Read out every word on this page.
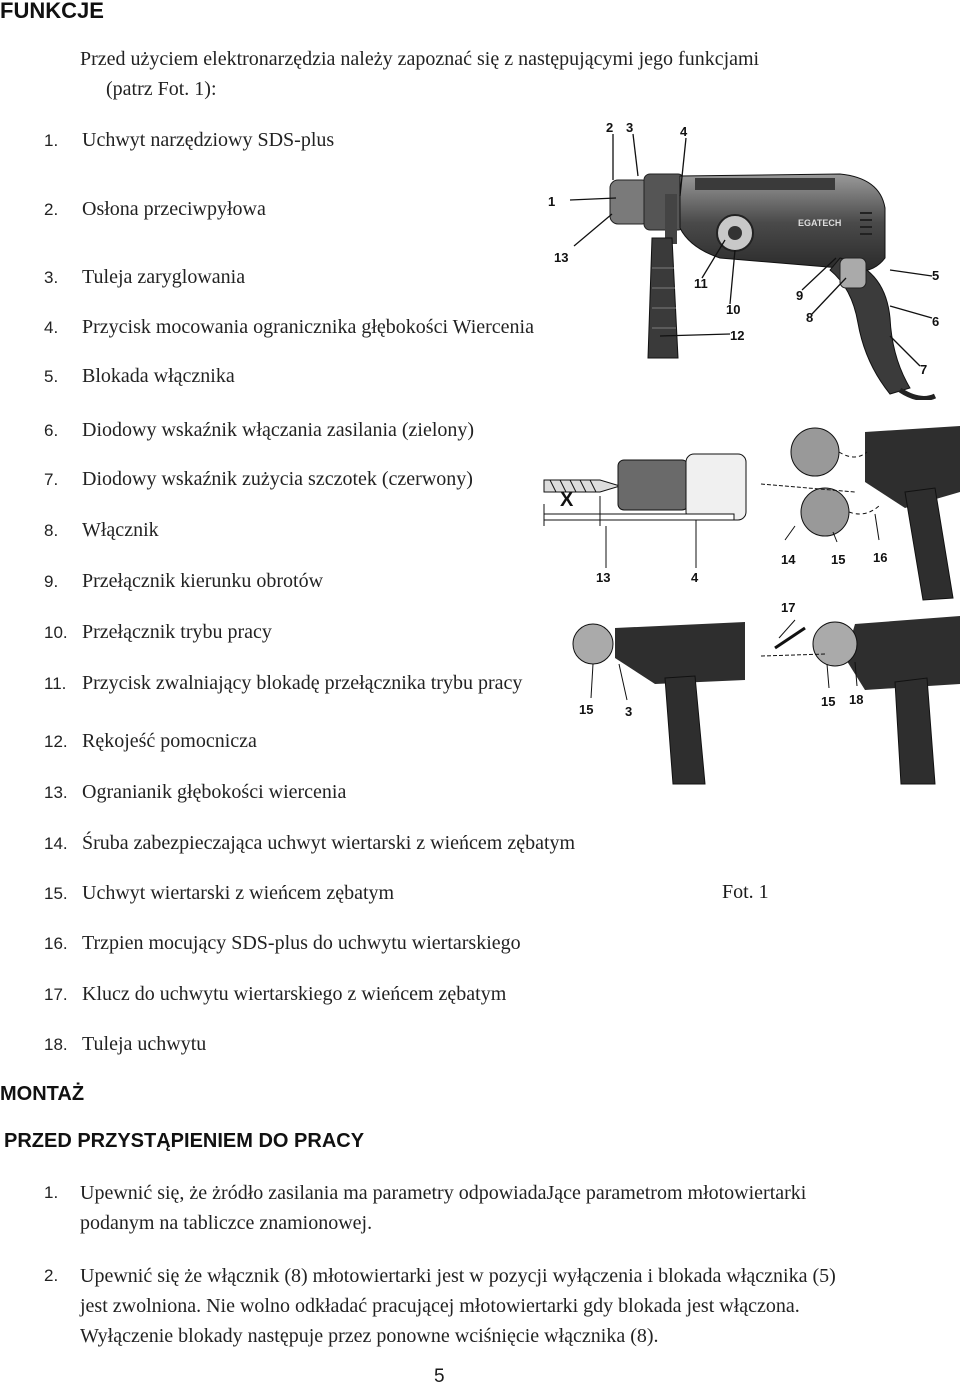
FUNKCJE
Przed użyciem elektronarzędzia należy zapoznać się z następującymi jego funkcjami
(patrz Fot. 1):
1. Uchwyt narzędziowy SDS-plus
2. Osłona przeciwpyłowa
3. Tuleja zaryglowania
4. Przycisk mocowania ogranicznika głębokości Wiercenia
5. Blokada włącznika
6. Diodowy wskaźnik włączania zasilania (zielony)
7. Diodowy wskaźnik zużycia szczotek (czerwony)
8. Włącznik
9. Przełącznik kierunku obrotów
10. Przełącznik trybu pracy
11. Przycisk zwalniający blokadę przełącznika trybu pracy
12. Rękojeść pomocnicza
13. Ogranianik głębokości wiercenia
14. Śruba zabezpieczająca uchwyt wiertarski z wieńcem zębatym
15. Uchwyt wiertarski z wieńcem zębatym
16. Trzpien mocujący SDS-plus do uchwytu wiertarskiego
17. Klucz do uchwytu wiertarskiego z wieńcem zębatym
18. Tuleja uchwytu
Fot. 1
EGATECH
1
2 3	4
5
6
7
8
9
10
11
12
13
X
13	4
14	15 16
17
15 18
15 3
MONTAŻ
PRZED PRZYSTĄPIENIEM DO PRACY
1. Upewnić się, że żródło zasilania ma parametry odpowiadaJące parametrom młotowiertarki
podanym na tabliczce znamionowej.
2. Upewnić się że włącznik (8) młotowiertarki jest w pozycji wyłączenia i blokada włącznika (5)
jest zwolniona. Nie wolno odkładać pracującej młotowiertarki gdy blokada jest włączona.
Wyłączenie blokady następuje przez ponowne wciśnięcie włącznika (8).
5
